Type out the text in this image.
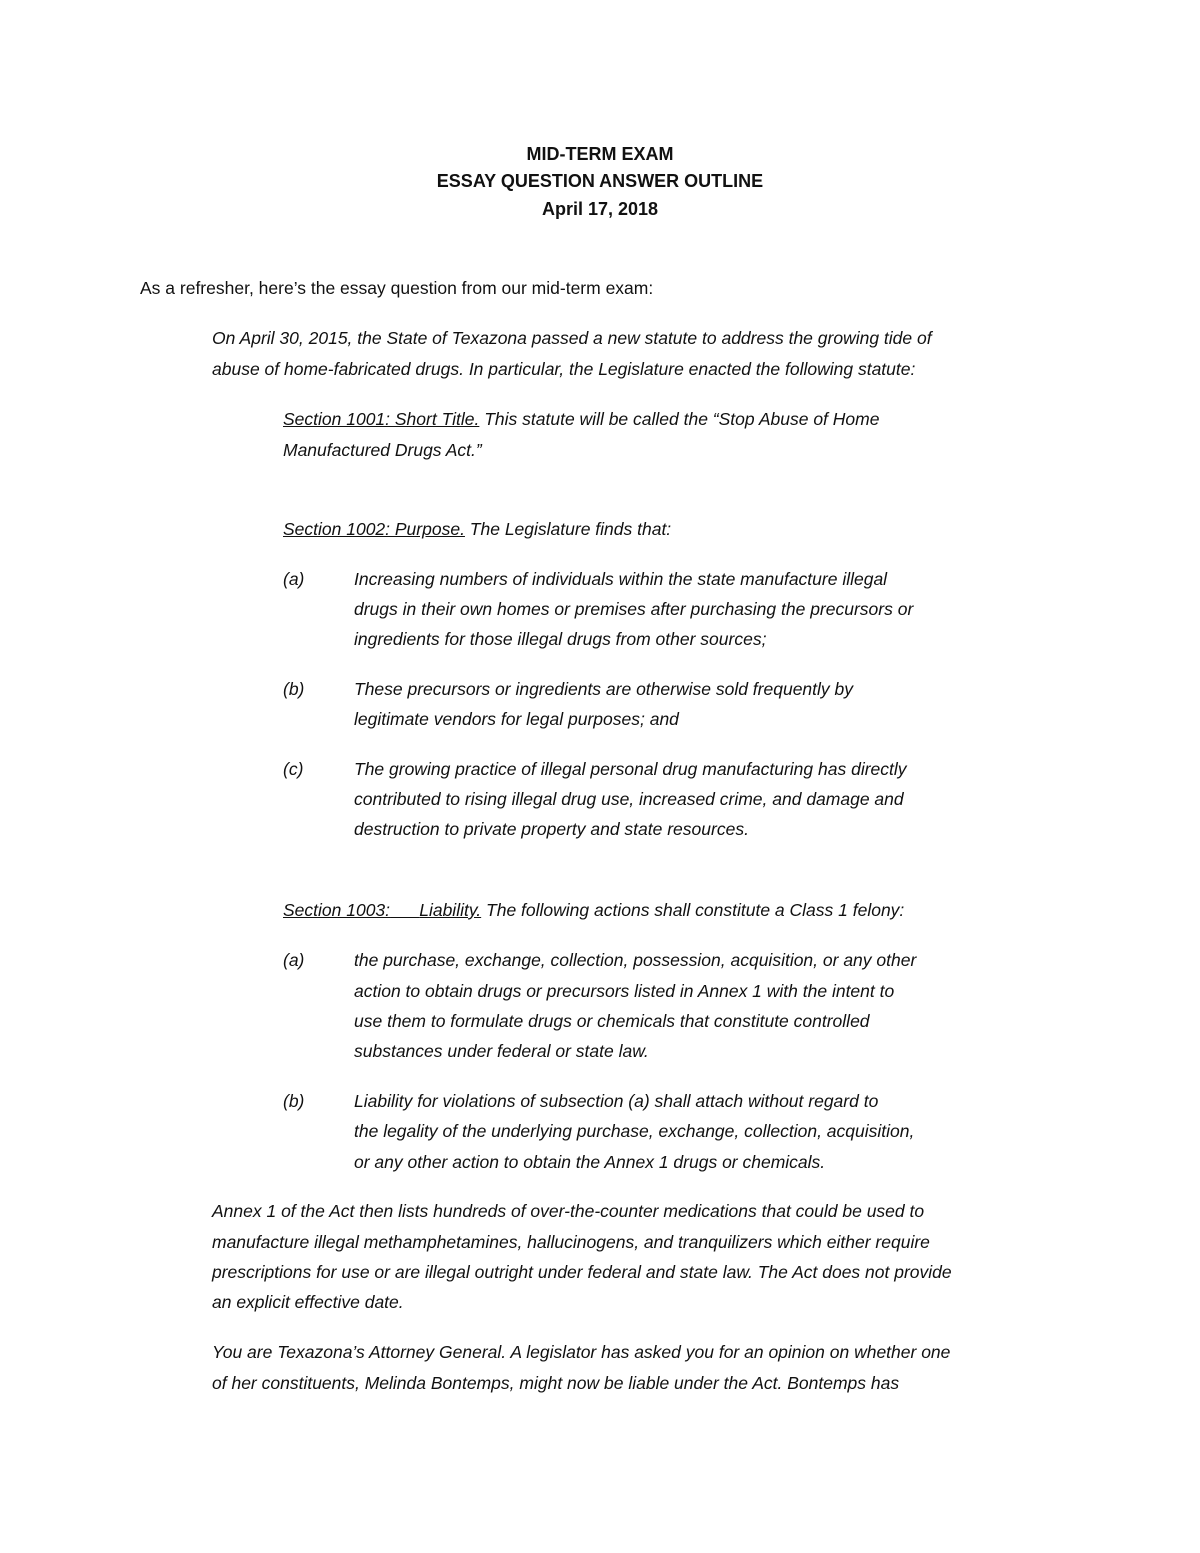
MID-TERM EXAM
ESSAY QUESTION ANSWER OUTLINE
April 17, 2018
As a refresher, here’s the essay question from our mid-term exam:
On April 30, 2015, the State of Texazona passed a new statute to address the growing tide of
abuse of home-fabricated drugs. In particular, the Legislature enacted the following statute:
Section 1001: Short Title. This statute will be called the “Stop Abuse of Home
Manufactured Drugs Act.”
Section 1002: Purpose. The Legislature finds that:
(a)	Increasing numbers of individuals within the state manufacture illegal
drugs in their own homes or premises after purchasing the precursors or
ingredients for those illegal drugs from other sources;
(b)	These precursors or ingredients are otherwise sold frequently by
legitimate vendors for legal purposes; and
(c)	The growing practice of illegal personal drug manufacturing has directly
contributed to rising illegal drug use, increased crime, and damage and
destruction to private property and state resources.
Section 1003: Liability. The following actions shall constitute a Class 1 felony:
(a)	the purchase, exchange, collection, possession, acquisition, or any other
action to obtain drugs or precursors listed in Annex 1 with the intent to
use them to formulate drugs or chemicals that constitute controlled
substances under federal or state law.
(b)	Liability for violations of subsection (a) shall attach without regard to
the legality of the underlying purchase, exchange, collection, acquisition,
or any other action to obtain the Annex 1 drugs or chemicals.
Annex 1 of the Act then lists hundreds of over-the-counter medications that could be used to
manufacture illegal methamphetamines, hallucinogens, and tranquilizers which either require
prescriptions for use or are illegal outright under federal and state law. The Act does not provide
an explicit effective date.
You are Texazona’s Attorney General. A legislator has asked you for an opinion on whether one
of her constituents, Melinda Bontemps, might now be liable under the Act. Bontemps has
